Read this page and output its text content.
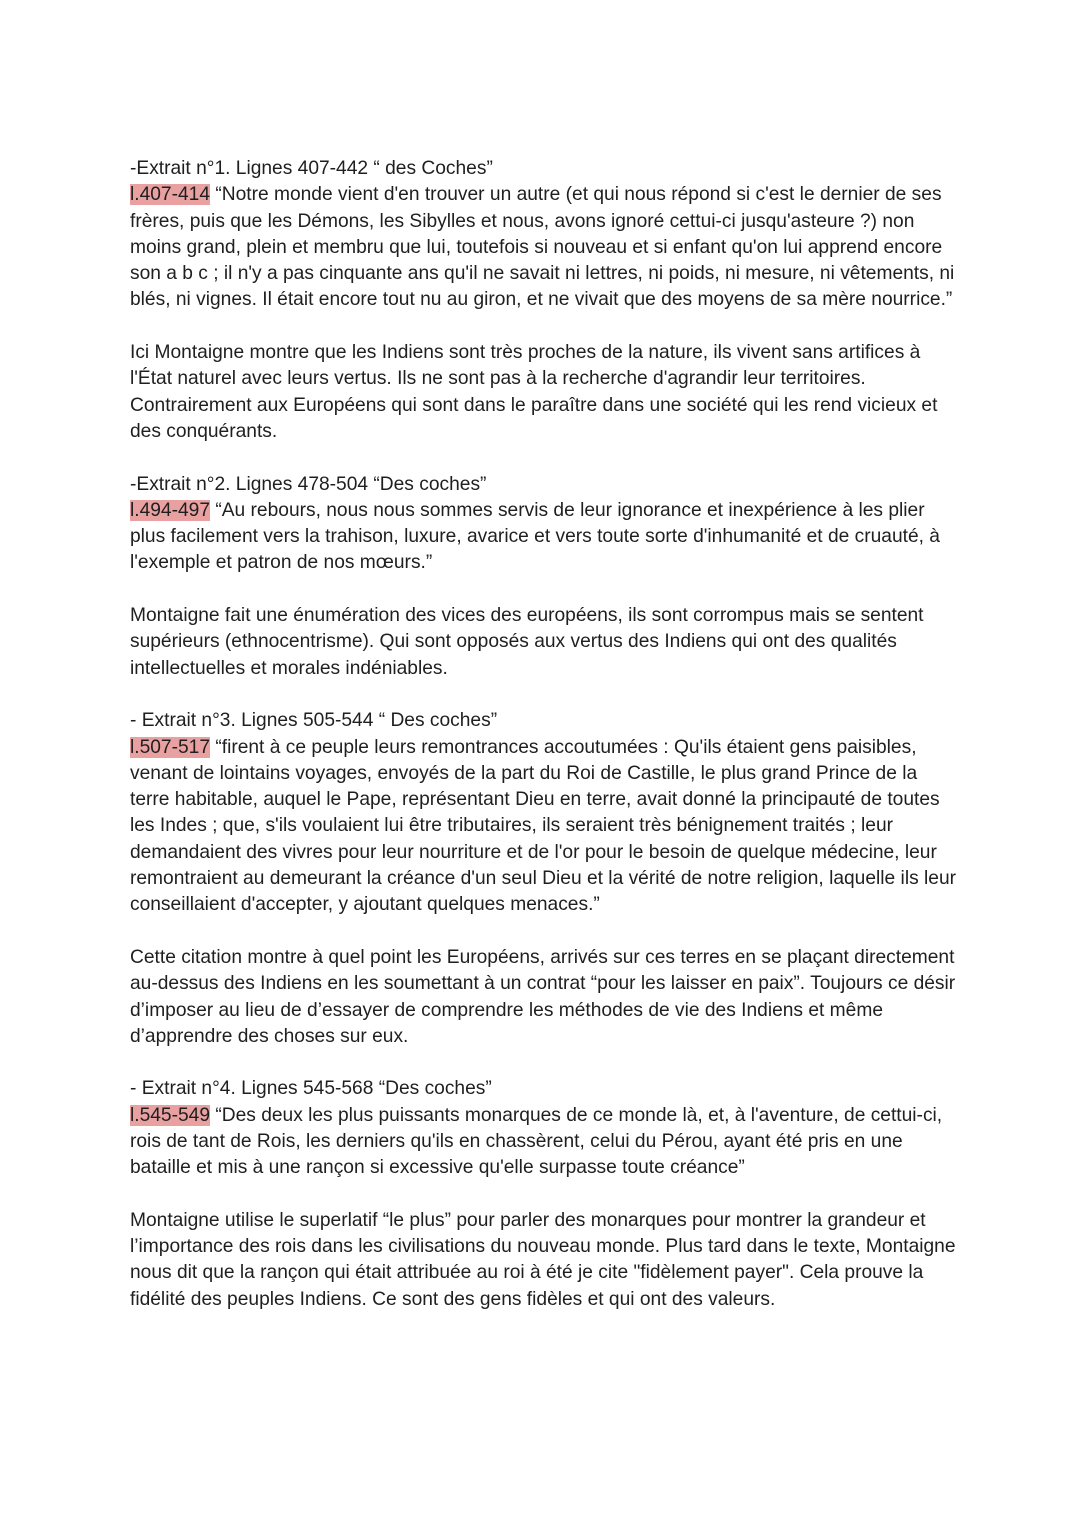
-Extrait n°1. Lignes 407-442 “ des Coches”

l.407-414 “Notre monde vient d'en trouver un autre (et qui nous répond si c'est le dernier de ses frères, puis que les Démons, les Sibylles et nous, avons ignoré cettui-ci jusqu'asteure ?) non moins grand, plein et membru que lui, toutefois si nouveau et si enfant qu'on lui apprend encore son a b c ; il n'y a pas cinquante ans qu'il ne savait ni lettres, ni poids, ni mesure, ni vêtements, ni blés, ni vignes. Il était encore tout nu au giron, et ne vivait que des moyens de sa mère nourrice.”

Ici Montaigne montre que les Indiens sont très proches de la nature, ils vivent sans artifices à l'État naturel avec leurs vertus. Ils ne sont pas à la recherche d'agrandir leur territoires. Contrairement aux Européens qui sont dans le paraître dans une société qui les rend vicieux et des conquérants.

-Extrait n°2. Lignes 478-504 “Des coches”

l.494-497 “Au rebours, nous nous sommes servis de leur ignorance et inexpérience à les plier plus facilement vers la trahison, luxure, avarice et vers toute sorte d'inhumanité et de cruauté, à l'exemple et patron de nos mœurs.”

Montaigne fait une énumération des vices des européens, ils sont corrompus mais se sentent supérieurs (ethnocentrisme). Qui sont opposés aux vertus des Indiens qui ont des qualités intellectuelles et morales indéniables.

- Extrait n°3. Lignes 505-544 “ Des coches”

l.507-517 “firent à ce peuple leurs remontrances accoutumées : Qu'ils étaient gens paisibles, venant de lointains voyages, envoyés de la part du Roi de Castille, le plus grand Prince de la terre habitable, auquel le Pape, représentant Dieu en terre, avait donné la principauté de toutes les Indes ; que, s'ils voulaient lui être tributaires, ils seraient très bénignement traités ; leur demandaient des vivres pour leur nourriture et de l'or pour le besoin de quelque médecine, leur remontraient au demeurant la créance d'un seul Dieu et la vérité de notre religion, laquelle ils leur conseillaient d'accepter, y ajoutant quelques menaces.”

Cette citation montre à quel point les Européens, arrivés sur ces terres en se plaçant directement au-dessus des Indiens en les soumettant à un contrat “pour les laisser en paix”. Toujours ce désir d’imposer au lieu de d’essayer de comprendre les méthodes de vie des Indiens et même d’apprendre des choses sur eux.

- Extrait n°4. Lignes 545-568 “Des coches”

l.545-549 “Des deux les plus puissants monarques de ce monde là, et, à l'aventure, de cettui-ci, rois de tant de Rois, les derniers qu'ils en chassèrent, celui du Pérou, ayant été pris en une bataille et mis à une rançon si excessive qu'elle surpasse toute créance”

Montaigne utilise le superlatif “le plus” pour parler des monarques pour montrer la grandeur et l’importance des rois dans les civilisations du nouveau monde. Plus tard dans le texte, Montaigne nous dit que la rançon qui était attribuée au roi à été je cite "fidèlement payer". Cela prouve la fidélité des peuples Indiens. Ce sont des gens fidèles et qui ont des valeurs.
